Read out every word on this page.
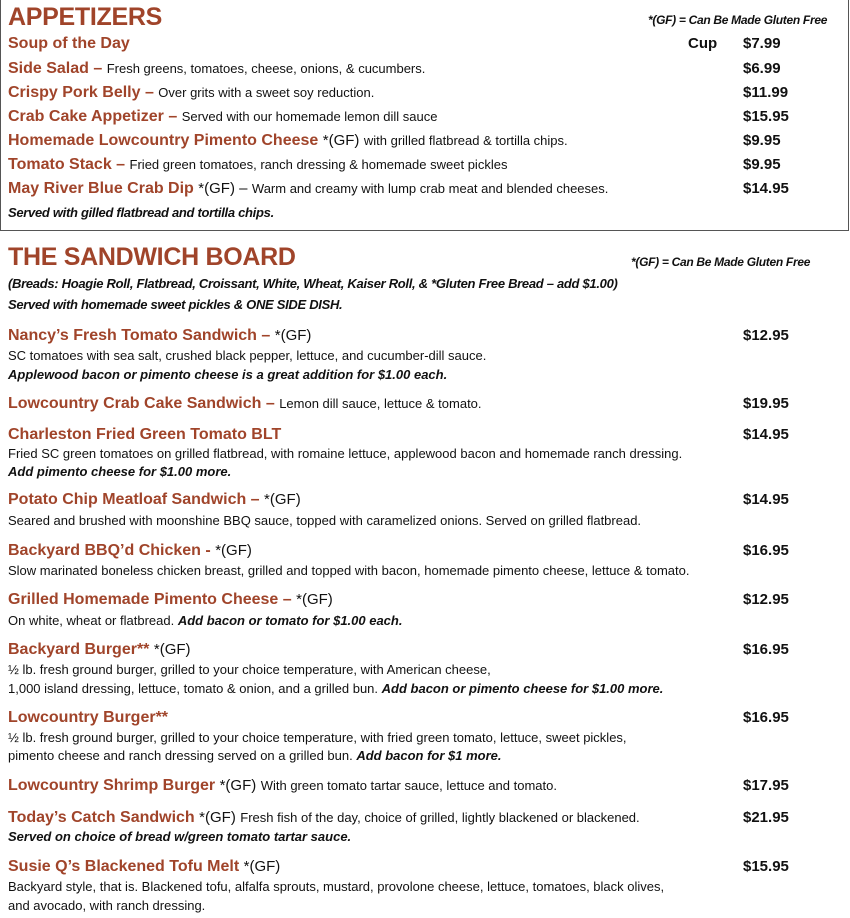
APPETIZERS	*(GF) = Can Be Made Gluten Free
Soup of the Day	Cup $7.99
Side Salad – Fresh greens, tomatoes, cheese, onions, & cucumbers.	$6.99
Crispy Pork Belly – Over grits with a sweet soy reduction.	$11.99
Crab Cake Appetizer – Served with our homemade lemon dill sauce	$15.95
Homemade Lowcountry Pimento Cheese *(GF) with grilled flatbread & tortilla chips.	$9.95
Tomato Stack – Fried green tomatoes, ranch dressing & homemade sweet pickles	$9.95
May River Blue Crab Dip *(GF) – Warm and creamy with lump crab meat and blended cheeses.	$14.95
Served with gilled flatbread and tortilla chips.
THE SANDWICH BOARD	*(GF) = Can Be Made Gluten Free
(Breads: Hoagie Roll, Flatbread, Croissant, White, Wheat, Kaiser Roll, & *Gluten Free Bread – add $1.00)
Served with homemade sweet pickles & ONE SIDE DISH.
Nancy’s Fresh Tomato Sandwich – *(GF)	$12.95
SC tomatoes with sea salt, crushed black pepper, lettuce, and cucumber-dill sauce.
Applewood bacon or pimento cheese is a great addition for $1.00 each.
Lowcountry Crab Cake Sandwich – Lemon dill sauce, lettuce & tomato.	$19.95
Charleston Fried Green Tomato BLT	$14.95
Fried SC green tomatoes on grilled flatbread, with romaine lettuce, applewood bacon and homemade ranch dressing.
Add pimento cheese for $1.00 more.
Potato Chip Meatloaf Sandwich – *(GF)	$14.95
Seared and brushed with moonshine BBQ sauce, topped with caramelized onions. Served on grilled flatbread.
Backyard BBQ’d Chicken - *(GF)	$16.95
Slow marinated boneless chicken breast, grilled and topped with bacon, homemade pimento cheese, lettuce & tomato.
Grilled Homemade Pimento Cheese – *(GF)	$12.95
On white, wheat or flatbread. Add bacon or tomato for $1.00 each.
Backyard Burger** *(GF)	$16.95
½ lb. fresh ground burger, grilled to your choice temperature, with American cheese,
1,000 island dressing, lettuce, tomato & onion, and a grilled bun. Add bacon or pimento cheese for $1.00 more.
Lowcountry Burger**	$16.95
½ lb. fresh ground burger, grilled to your choice temperature, with fried green tomato, lettuce, sweet pickles,
pimento cheese and ranch dressing served on a grilled bun. Add bacon for $1 more.
Lowcountry Shrimp Burger *(GF) With green tomato tartar sauce, lettuce and tomato.	$17.95
Today’s Catch Sandwich *(GF) Fresh fish of the day, choice of grilled, lightly blackened or blackened.	$21.95
Served on choice of bread w/green tomato tartar sauce.
Susie Q’s Blackened Tofu Melt *(GF)	$15.95
Backyard style, that is. Blackened tofu, alfalfa sprouts, mustard, provolone cheese, lettuce, tomatoes, black olives,
and avocado, with ranch dressing.
